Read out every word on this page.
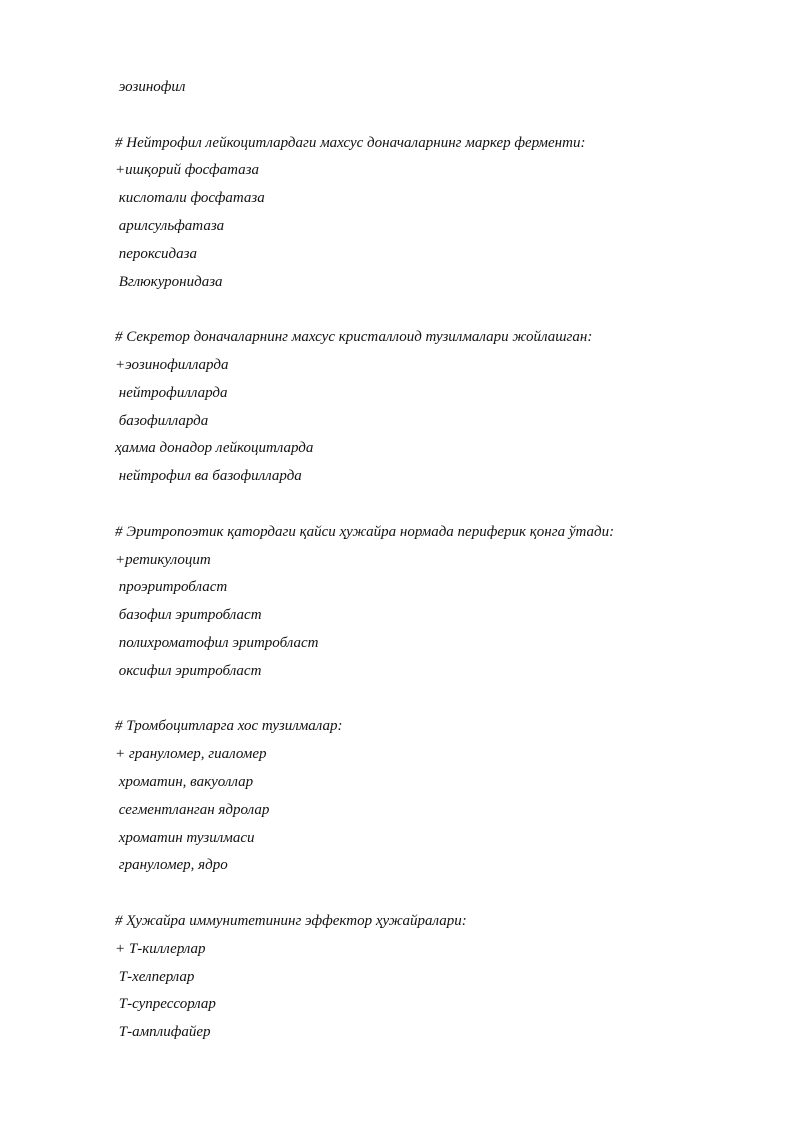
эозинофил
# Нейтрофил лейкоцитлардаги махсус доначаларнинг маркер ферменти:
+ишқорий фосфатаза
кислотали фосфатаза
арилсульфатаза
пероксидаза
Вглюкуронидаза
# Секретор доначаларнинг махсус кристаллоид тузилмалари жойлашган:
+эозинофилларда
нейтрофилларда
базофилларда
ҳамма донадор лейкоцитларда
нейтрофил ва базофилларда
# Эритропоэтик қатордаги қайси ҳужайра нормада периферик қонга ўтади:
+ретикулоцит
проэритробласт
базофил эритробласт
полихроматофил эритробласт
оксифил эритробласт
# Тромбоцитларга хос тузилмалар:
+ грануломер, гиаломер
хроматин, вакуоллар
сегментланган ядролар
хроматин тузилмаси
грануломер, ядро
# Ҳужайра иммунитетининг эффектор ҳужайралари:
+ Т-киллерлар
Т-хелперлар
Т-супрессорлар
Т-амплифайер
